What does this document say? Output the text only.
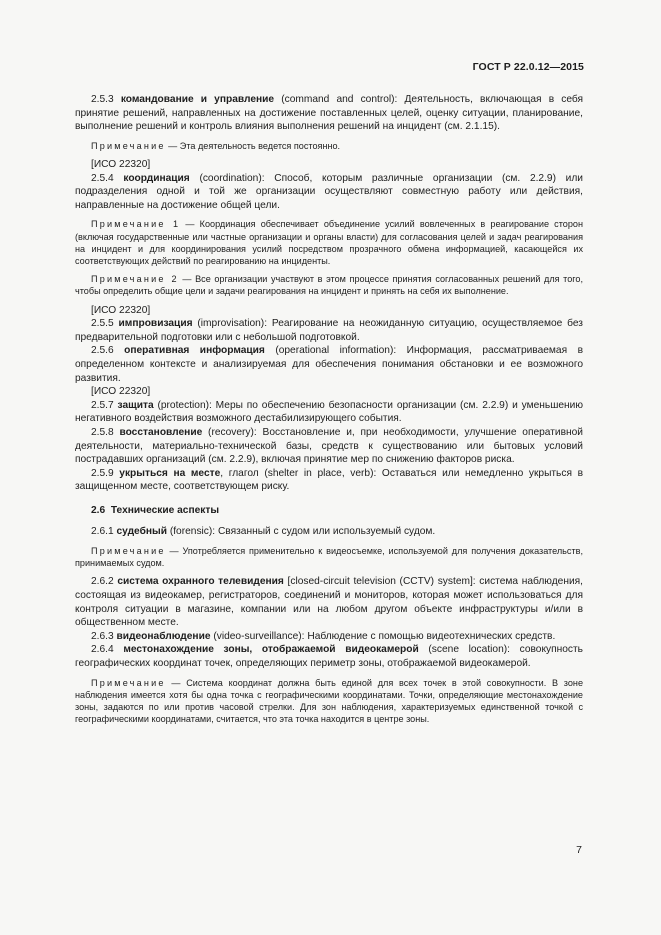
ГОСТ Р 22.0.12—2015

2.5.3 командование и управление (command and control): Деятельность, включающая в себя принятие решений, направленных на достижение поставленных целей, оценку ситуации, планирование, выполнение решений и контроль влияния выполнения решений на инцидент (см. 2.1.15).

Примечание — Эта деятельность ведется постоянно.

[ИСО 22320]

2.5.4 координация (coordination): Способ, которым различные организации (см. 2.2.9) или подразделения одной и той же организации осуществляют совместную работу или действия, направленные на достижение общей цели.

Примечание 1 — Координация обеспечивает объединение усилий вовлеченных в реагирование сторон (включая государственные или частные организации и органы власти) для согласования целей и задач реагирования на инцидент и для координирования усилий посредством прозрачного обмена информацией, касающейся их соответствующих действий по реагированию на инциденты.

Примечание 2 — Все организации участвуют в этом процессе принятия согласованных решений для того, чтобы определить общие цели и задачи реагирования на инцидент и принять на себя их выполнение.

[ИСО 22320]

2.5.5 импровизация (improvisation): Реагирование на неожиданную ситуацию, осуществляемое без предварительной подготовки или с небольшой подготовкой.

2.5.6 оперативная информация (operational information): Информация, рассматриваемая в определенном контексте и анализируемая для обеспечения понимания обстановки и ее возможного развития.

[ИСО 22320]

2.5.7 защита (protection): Меры по обеспечению безопасности организации (см. 2.2.9) и уменьшению негативного воздействия возможного дестабилизирующего события.

2.5.8 восстановление (recovery): Восстановление и, при необходимости, улучшение оперативной деятельности, материально-технической базы, средств к существованию или бытовых условий пострадавших организаций (см. 2.2.9), включая принятие мер по снижению факторов риска.

2.5.9 укрыться на месте, глагол (shelter in place, verb): Оставаться или немедленно укрыться в защищенном месте, соответствующем риску.

2.6 Технические аспекты

2.6.1 судебный (forensic): Связанный с судом или используемый судом.

Примечание — Употребляется применительно к видеосъемке, используемой для получения доказательств, принимаемых судом.

2.6.2 система охранного телевидения [closed-circuit television (CCTV) system]: система наблюдения, состоящая из видеокамер, регистраторов, соединений и мониторов, которая может использоваться для контроля ситуации в магазине, компании или на любом другом объекте инфраструктуры и/или в общественном месте.

2.6.3 видеонаблюдение (video-surveillance): Наблюдение с помощью видеотехнических средств.

2.6.4 местонахождение зоны, отображаемой видеокамерой (scene location): совокупность географических координат точек, определяющих периметр зоны, отображаемой видеокамерой.

Примечание — Система координат должна быть единой для всех точек в этой совокупности. В зоне наблюдения имеется хотя бы одна точка с географическими координатами. Точки, определяющие местонахождение зоны, задаются по или против часовой стрелки. Для зон наблюдения, характеризуемых единственной точкой с географическими координатами, считается, что эта точка находится в центре зоны.

7
